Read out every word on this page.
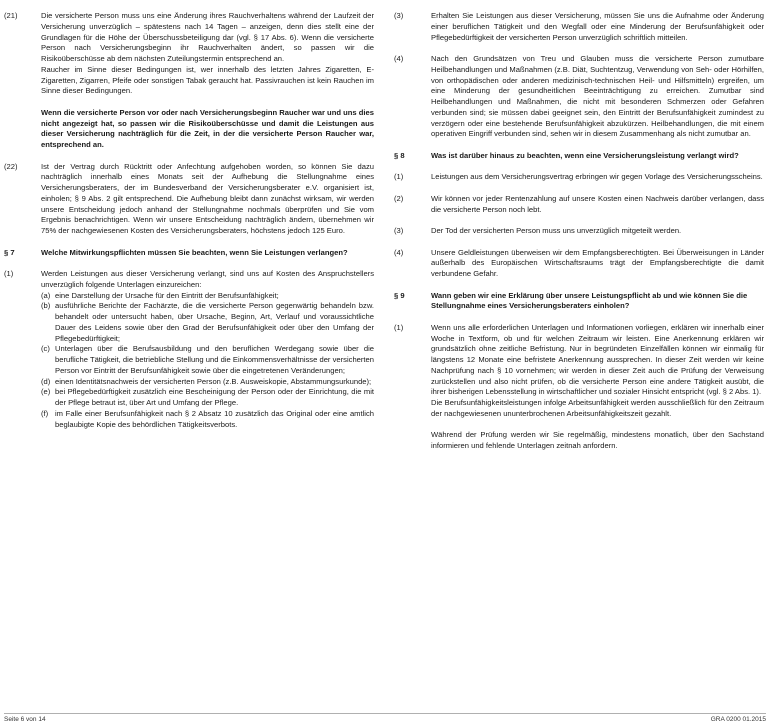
(21)	Die versicherte Person muss uns eine Änderung ihres Rauchverhaltens während der Laufzeit der Versicherung unverzüglich – spätestens nach 14 Tagen – anzeigen, denn dies stellt eine der Grundlagen für die Höhe der Überschussbeteiligung dar (vgl. § 17 Abs. 6). Wenn die versicherte Person nach Versicherungsbeginn ihr Rauchverhalten ändert, so passen wir die Risikoüberschüsse ab dem nächsten Zuteilungstermin entsprechend an.
Raucher im Sinne dieser Bedingungen ist, wer innerhalb des letzten Jahres Zigaretten, E-Zigaretten, Zigarren, Pfeife oder sonstigen Tabak geraucht hat. Passivrauchen ist kein Rauchen im Sinne dieser Bedingungen.
Wenn die versicherte Person vor oder nach Versicherungsbeginn Raucher war und uns dies nicht angezeigt hat, so passen wir die Risikoüberschüsse und damit die Leistungen aus dieser Versicherung nachträglich für die Zeit, in der die versicherte Person Raucher war, entsprechend an.
(22)	Ist der Vertrag durch Rücktritt oder Anfechtung aufgehoben worden, so können Sie dazu nachträglich innerhalb eines Monats seit der Aufhebung die Stellungnahme eines Versicherungsberaters, der im Bundesverband der Versicherungsberater e.V. organisiert ist, einholen; § 9 Abs. 2 gilt entsprechend. Die Aufhebung bleibt dann zunächst wirksam, wir werden unsere Entscheidung jedoch anhand der Stellungnahme nochmals überprüfen und Sie vom Ergebnis benachrichtigen. Wenn wir unsere Entscheidung nachträglich ändern, übernehmen wir 75% der nachgewiesenen Kosten des Versicherungsberaters, höchstens jedoch 125 Euro.
§ 7	Welche Mitwirkungspflichten müssen Sie beachten, wenn Sie Leistungen verlangen?
(1)	Werden Leistungen aus dieser Versicherung verlangt, sind uns auf Kosten des Anspruchstellers unverzüglich folgende Unterlagen einzureichen:
(a) eine Darstellung der Ursache für den Eintritt der Berufsunfähigkeit;
(b) ausführliche Berichte der Fachärzte, die die versicherte Person gegenwärtig behandeln bzw. behandelt oder untersucht haben, über Ursache, Beginn, Art, Verlauf und voraussichtliche Dauer des Leidens sowie über den Grad der Berufsunfähigkeit oder über den Umfang der Pflegebedürftigkeit;
(c) Unterlagen über die Berufsausbildung und den beruflichen Werdegang sowie über die berufliche Tätigkeit, die betriebliche Stellung und die Einkommensverhältnisse der versicherten Person vor Eintritt der Berufsunfähigkeit sowie über die eingetretenen Veränderungen;
(d) einen Identitätsnachweis der versicherten Person (z.B. Ausweiskopie, Abstammungsurkunde);
(e) bei Pflegebedürftigkeit zusätzlich eine Bescheinigung der Person oder der Einrichtung, die mit der Pflege betraut ist, über Art und Umfang der Pflege.
(f) im Falle einer Berufsunfähigkeit nach § 2 Absatz 10 zusätzlich das Original oder eine amtlich beglaubigte Kopie des behördlichen Tätigkeitsverbots.
(3)	Erhalten Sie Leistungen aus dieser Versicherung, müssen Sie uns die Aufnahme oder Änderung einer beruflichen Tätigkeit und den Wegfall oder eine Minderung der Berufsunfähigkeit oder Pflegebedürftigkeit der versicherten Person unverzüglich schriftlich mitteilen.
(4)	Nach den Grundsätzen von Treu und Glauben muss die versicherte Person zumutbare Heilbehandlungen und Maßnahmen (z.B. Diät, Suchtentzug, Verwendung von Seh- oder Hörhilfen, von orthopädischen oder anderen medizinisch-technischen Heil- und Hilfsmitteln) ergreifen, um eine Minderung der gesundheitlichen Beeinträchtigung zu erreichen. Zumutbar sind Heilbehandlungen und Maßnahmen, die nicht mit besonderen Schmerzen oder Gefahren verbunden sind; sie müssen dabei geeignet sein, den Eintritt der Berufsunfähigkeit zumindest zu verzögern oder eine bestehende Berufsunfähigkeit abzukürzen. Heilbehandlungen, die mit einem operativen Eingriff verbunden sind, sehen wir in diesem Zusammenhang als nicht zumutbar an.
§ 8	Was ist darüber hinaus zu beachten, wenn eine Versicherungsleistung verlangt wird?
(1)	Leistungen aus dem Versicherungsvertrag erbringen wir gegen Vorlage des Versicherungsscheins.
(2)	Wir können vor jeder Rentenzahlung auf unsere Kosten einen Nachweis darüber verlangen, dass die versicherte Person noch lebt.
(3)	Der Tod der versicherten Person muss uns unverzüglich mitgeteilt werden.
(4)	Unsere Geldleistungen überweisen wir dem Empfangsberechtigten. Bei Überweisungen in Länder außerhalb des Europäischen Wirtschaftsraums trägt der Empfangsberechtigte die damit verbundene Gefahr.
§ 9	Wann geben wir eine Erklärung über unsere Leistungspflicht ab und wie können Sie die Stellungnahme eines Versicherungsberaters einholen?
(1)	Wenn uns alle erforderlichen Unterlagen und Informationen vorliegen, erklären wir innerhalb einer Woche in Textform, ob und für welchen Zeitraum wir leisten. Eine Anerkennung erklären wir grundsätzlich ohne zeitliche Befristung. Nur in begründeten Einzelfällen können wir einmalig für längstens 12 Monate eine befristete Anerkennung aussprechen. In dieser Zeit werden wir keine Nachprüfung nach § 10 vornehmen; wir werden in dieser Zeit auch die Prüfung der Verweisung zurückstellen und also nicht prüfen, ob die versicherte Person eine andere Tätigkeit ausübt, die ihrer bisherigen Lebensstellung in wirtschaftlicher und sozialer Hinsicht entspricht (vgl. § 2 Abs. 1).
Die Berufsunfähigkeitsleistungen infolge Arbeitsunfähigkeit werden ausschließlich für den Zeitraum der nachgewiesenen ununterbrochenen Arbeitsunfähigkeitszeit gezahlt.
Während der Prüfung werden wir Sie regelmäßig, mindestens monatlich, über den Sachstand informieren und fehlende Unterlagen zeitnah anfordern.
Seite 6 von 14	GRA 0200 01.2015
